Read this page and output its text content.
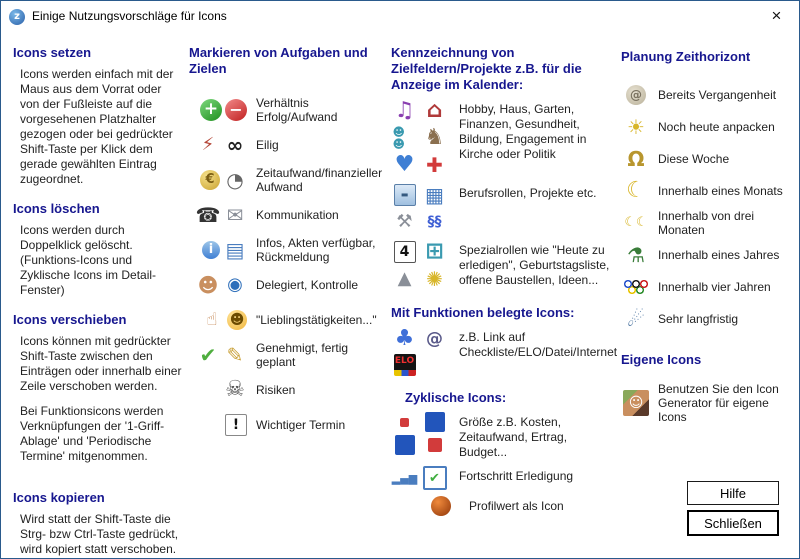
z	Einige Nutzungsvorschläge für Icons	×
Icons setzen

Icons werden einfach mit der Maus aus dem Vorrat oder von der Fußleiste auf die vorgesehenen Platzhalter gezogen oder bei gedrückter Shift-Taste per Klick dem gerade gewählten Eintrag zugeordnet.

Icons löschen

Icons werden durch Doppelklick gelöscht. (Funktions-Icons und Zyklische Icons im Detail-Fenster)

Icons verschieben

Icons können mit gedrückter Shift-Taste zwischen den Einträgen oder innerhalb einer Zeile verschoben werden.

Bei Funktionsicons werden Verknüpfungen der '1-Griff-Ablage' und 'Periodische Termine' mitgenommen.

Icons kopieren

Wird statt der Shift-Taste die Strg- bzw Ctrl-Taste gedrückt, wird kopiert statt verschoben.

Markieren von Aufgaben und Zielen
+ −	Verhältnis Erfolg/Aufwand
⚡ ∞	Eilig
€ ◔ Zeitaufwand/finanzieller Aufwand
☎ ✉	Kommunikation
i ▤ Infos, Akten verfügbar, Rückmeldung
☻ ◉	Delegiert, Kontrolle
☝ ☻ "Lieblingstätigkeiten..."
✔ ✎	Genehmigt, fertig geplant
☠ Risiken
!	Wichtiger Termin
Kennzeichnung von Zielfeldern/Projekte z.B. für die Anzeige im Kalender:
♫ ⌂
☻☻ ♞
♥ ✚
Hobby, Haus, Garten, Finanzen, Gesundheit, Bildung, Engagement in Kirche oder Politik
▬ ▦
⚒	§§
Berufsrollen, Projekte etc.
4 ⊞
▲ ✺
Spezialrollen wie "Heute zu erledigen", Geburtstagsliste, offene Baustellen, Ideen...
Mit Funktionen belegte Icons:
♣ @
ELO
z.B. Link auf Checkliste/ELO/Datei/Internet
Zyklische Icons:
Größe z.B. Kosten, Zeitaufwand, Ertrag, Budget...
▂▄▆ ✔	Fortschritt Erledigung
Profilwert als Icon
Planung Zeithorizont
@	Bereits Vergangenheit
☀ Noch heute anpacken
Ω Diese Woche
☾ Innerhalb eines Monats
☾☾ Innerhalb von drei Monaten
⚗ Innerhalb eines Jahres
Innerhalb vier Jahren
☄ Sehr langfristig
Eigene Icons
☺
Benutzen Sie den Icon Generator für eigene Icons
Hilfe
Schließen
